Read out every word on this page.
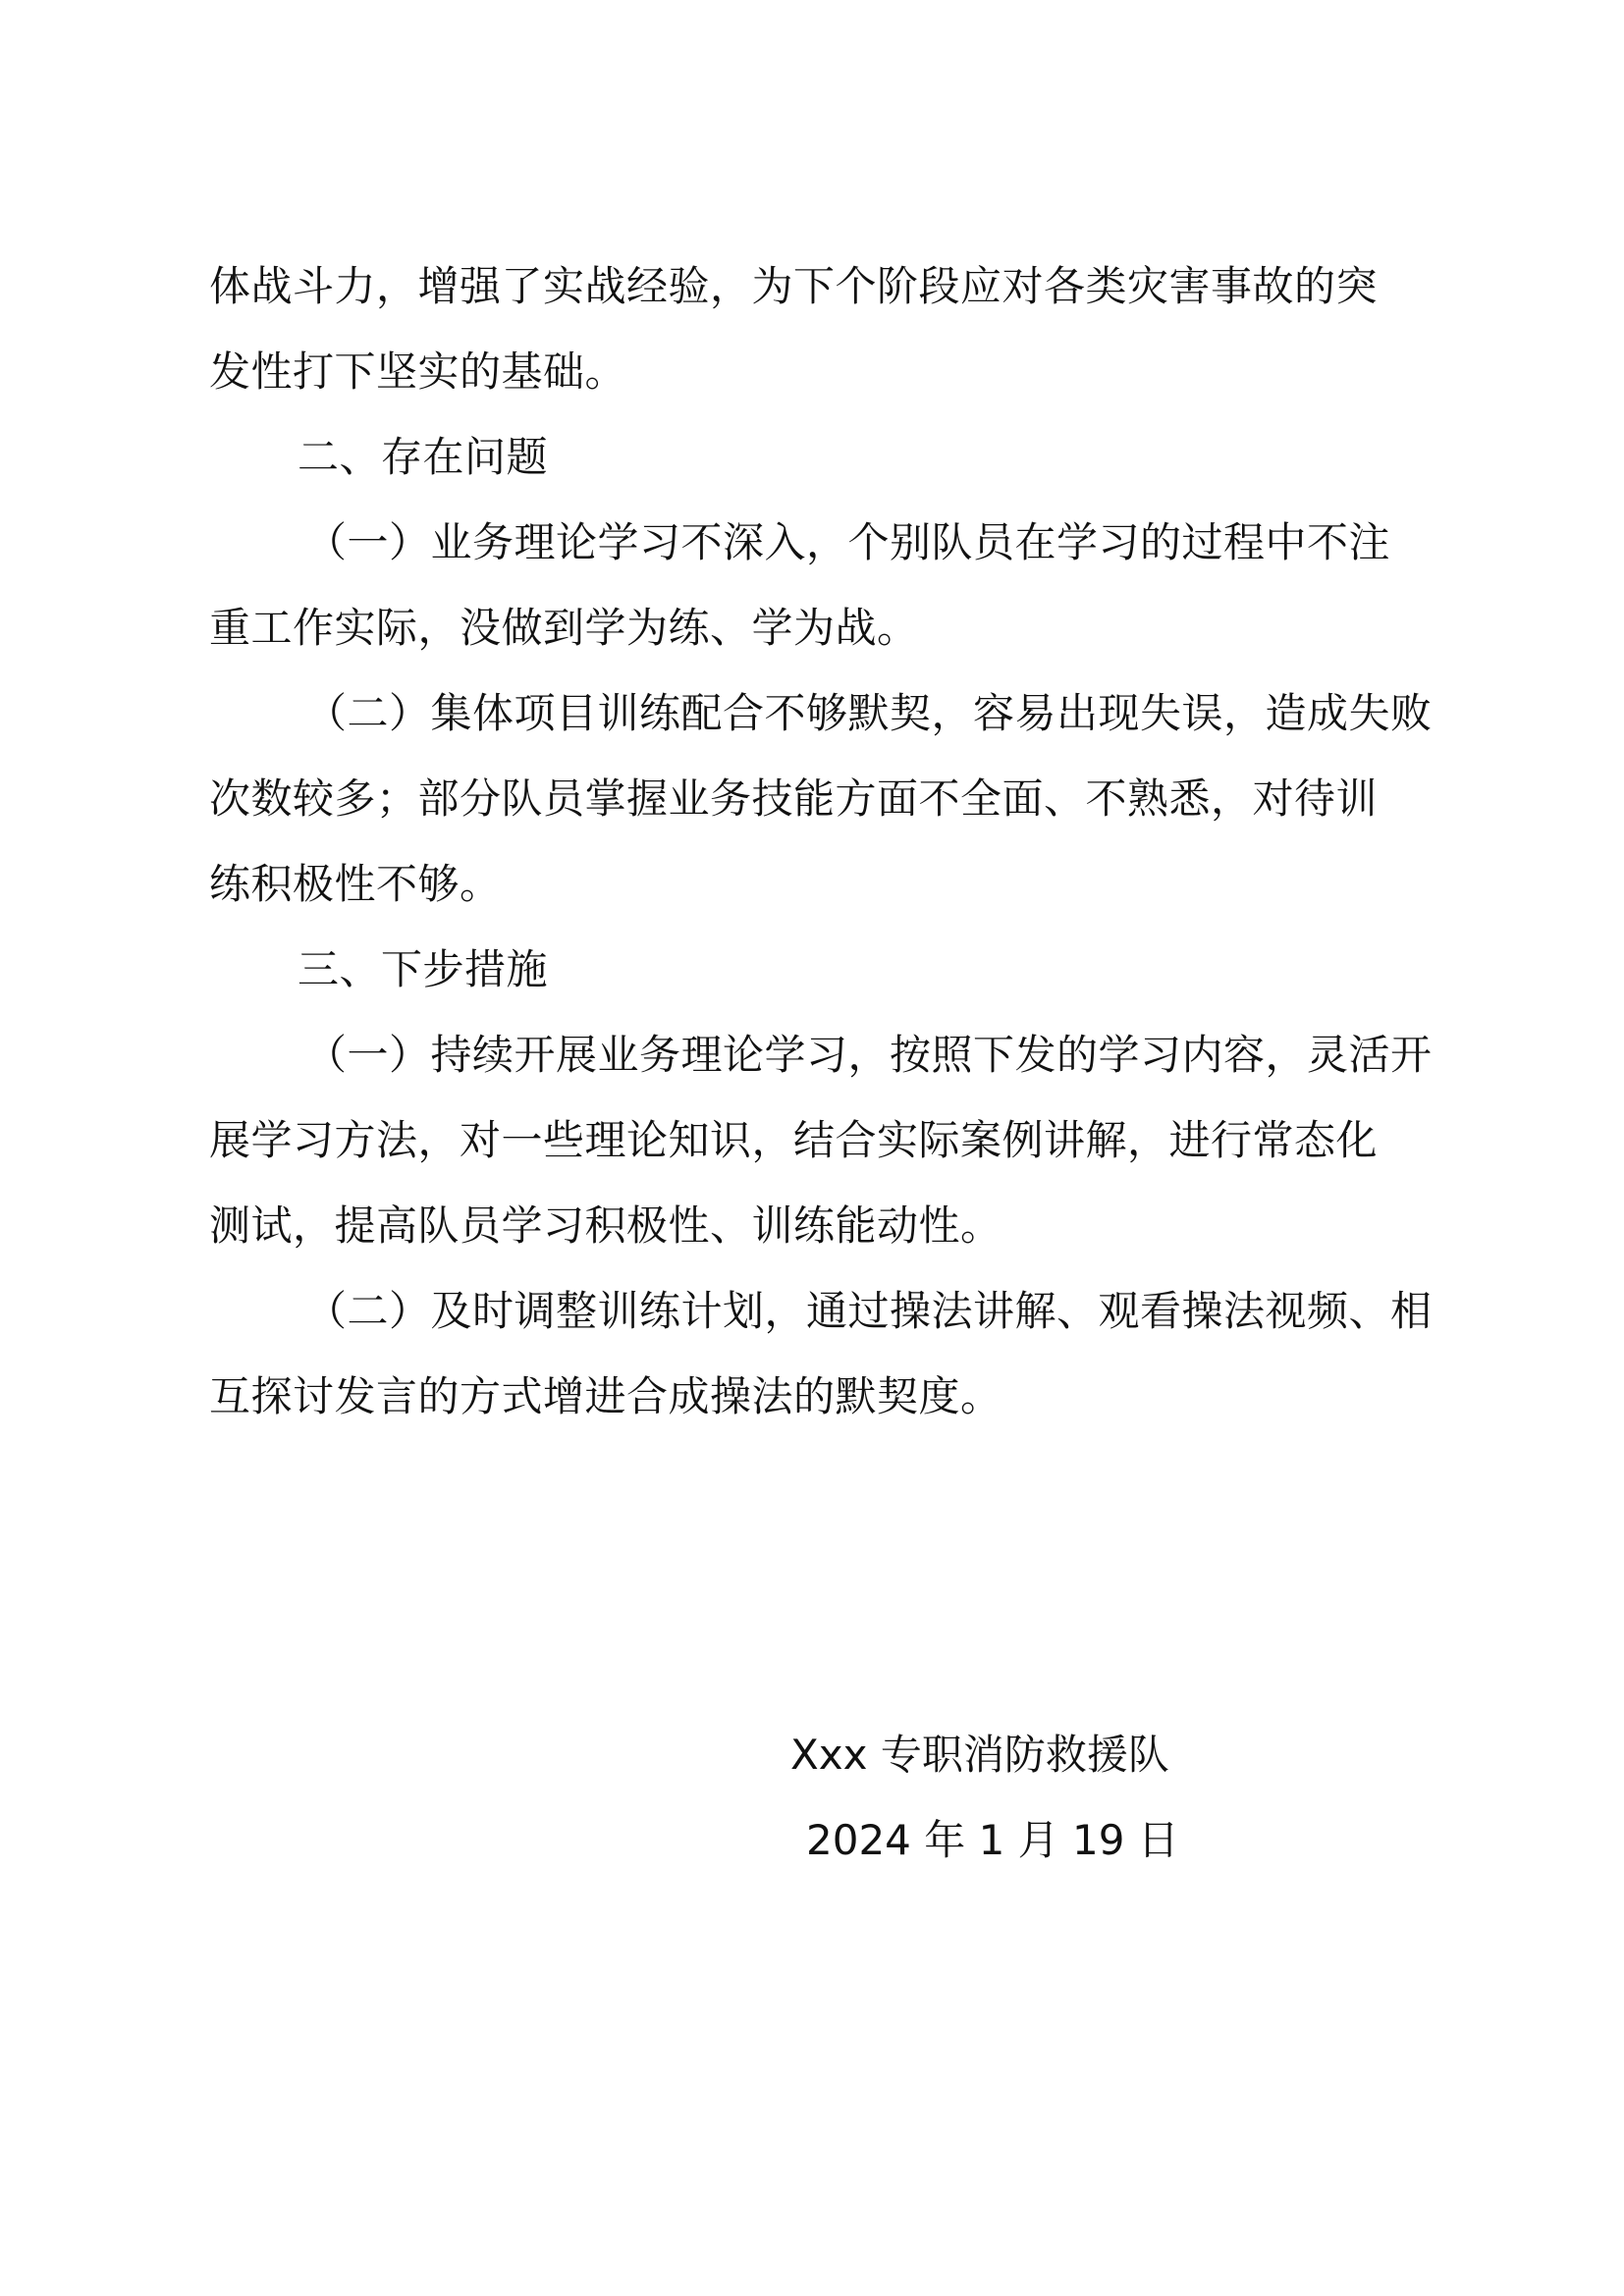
体战斗力，增强了实战经验，为下个阶段应对各类灾害事故的突
发性打下坚实的基础。
二、存在问题
（一）业务理论学习不深入，个别队员在学习的过程中不注
重工作实际，没做到学为练、学为战。
（二）集体项目训练配合不够默契，容易出现失误，造成失败
次数较多；部分队员掌握业务技能方面不全面、不熟悉，对待训
练积极性不够。
三、下步措施
（一）持续开展业务理论学习，按照下发的学习内容，灵活开
展学习方法，对一些理论知识，结合实际案例讲解，进行常态化
测试，提高队员学习积极性、训练能动性。
（二）及时调整训练计划，通过操法讲解、观看操法视频、相
互探讨发言的方式增进合成操法的默契度。
Xxx 专职消防救援队
2024 年 1 月 19 日
